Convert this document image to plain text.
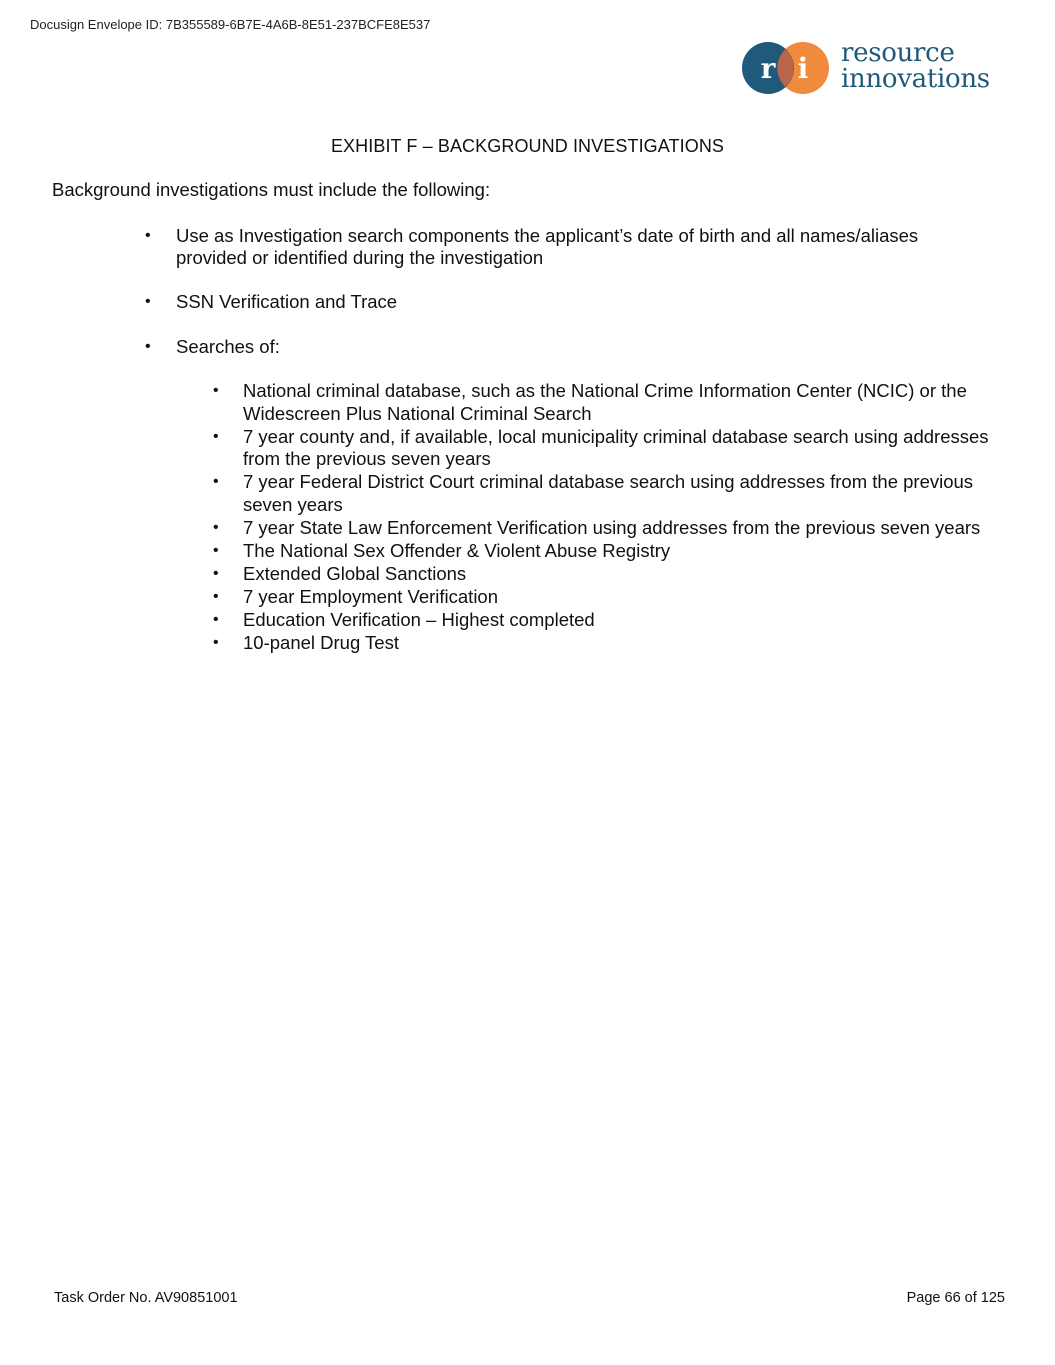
Docusign Envelope ID: 7B355589-6B7E-4A6B-8E51-237BCFE8E537
r i resource
innovations
EXHIBIT F – BACKGROUND INVESTIGATIONS
Background investigations must include the following:
• Use as Investigation search components the applicant’s date of birth and all names/aliases provided or identified during the investigation
• SSN Verification and Trace
• Searches of:
• National criminal database, such as the National Crime Information Center (NCIC) or the Widescreen Plus National Criminal Search
• 7 year county and, if available, local municipality criminal database search using addresses from the previous seven years
• 7 year Federal District Court criminal database search using addresses from the previous seven years
• 7 year State Law Enforcement Verification using addresses from the previous seven years
• The National Sex Offender & Violent Abuse Registry
• Extended Global Sanctions
• 7 year Employment Verification
• Education Verification – Highest completed
• 10-panel Drug Test
Task Order No. AV90851001	Page 66 of 125
